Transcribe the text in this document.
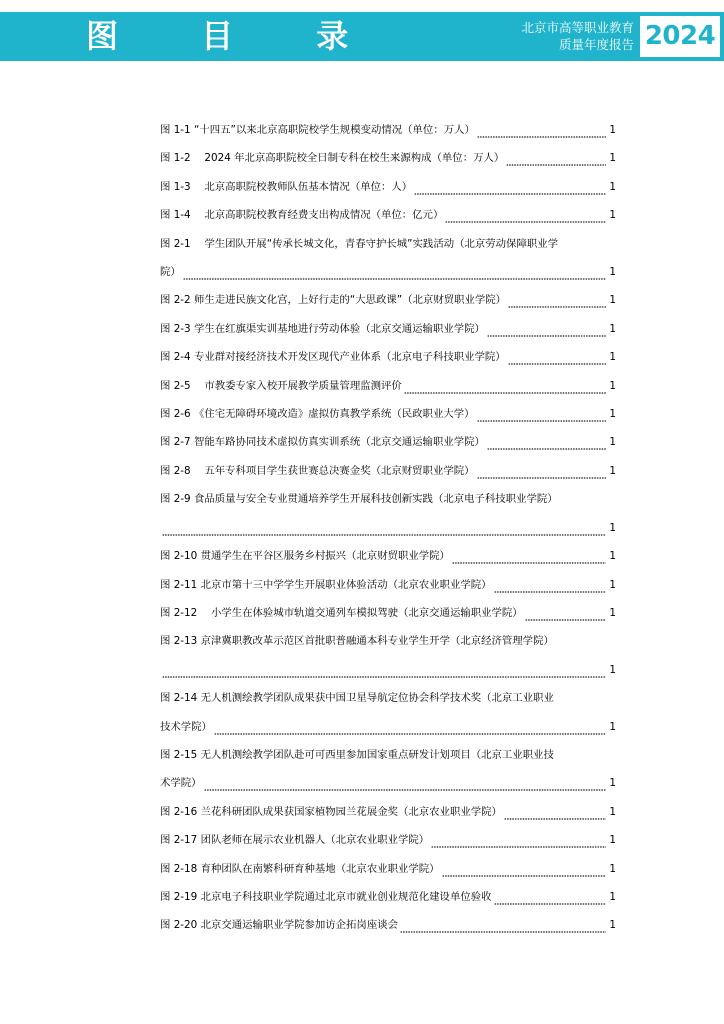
图 目 录	北京市高等职业教育
质量年度报告 2024
图 1-1 “十四五”以来北京高职院校学生规模变动情况（单位：万人）	1
图 1-2 　2024 年北京高职院校全日制专科在校生来源构成（单位：万人）	1
图 1-3 　北京高职院校教师队伍基本情况（单位：人）	1
图 1-4 　北京高职院校教育经费支出构成情况（单位：亿元）	1
图 2-1 　学生团队开展“传承长城文化，青春守护长城”实践活动（北京劳动保障职业学
院）	1
图 2-2 师生走进民族文化宫，上好行走的“大思政课”（北京财贸职业学院）	1
图 2-3 学生在红旗渠实训基地进行劳动体验（北京交通运输职业学院）	1
图 2-4 专业群对接经济技术开发区现代产业体系（北京电子科技职业学院）	1
图 2-5 　市教委专家入校开展教学质量管理监测评价	1
图 2-6 《住宅无障碍环境改造》虚拟仿真教学系统（民政职业大学）	1
图 2-7 智能车路协同技术虚拟仿真实训系统（北京交通运输职业学院）	1
图 2-8 　五年专科项目学生获世赛总决赛金奖（北京财贸职业学院）	1
图 2-9 食品质量与安全专业贯通培养学生开展科技创新实践（北京电子科技职业学院）
1
图 2-10 贯通学生在平谷区服务乡村振兴（北京财贸职业学院）	1
图 2-11 北京市第十三中学学生开展职业体验活动（北京农业职业学院）	1
图 2-12 　小学生在体验城市轨道交通列车模拟驾驶（北京交通运输职业学院）	1
图 2-13 京津冀职教改革示范区首批职普融通本科专业学生开学（北京经济管理学院）
1
图 2-14 无人机测绘教学团队成果获中国卫星导航定位协会科学技术奖（北京工业职业
技术学院）	1
图 2-15 无人机测绘教学团队赴可可西里参加国家重点研发计划项目（北京工业职业技
术学院）	1
图 2-16 兰花科研团队成果获国家植物园兰花展金奖（北京农业职业学院）	1
图 2-17 团队老师在展示农业机器人（北京农业职业学院）	1
图 2-18 育种团队在南繁科研育种基地（北京农业职业学院）	1
图 2-19 北京电子科技职业学院通过北京市就业创业规范化建设单位验收	1
图 2-20 北京交通运输职业学院参加访企拓岗座谈会	1
